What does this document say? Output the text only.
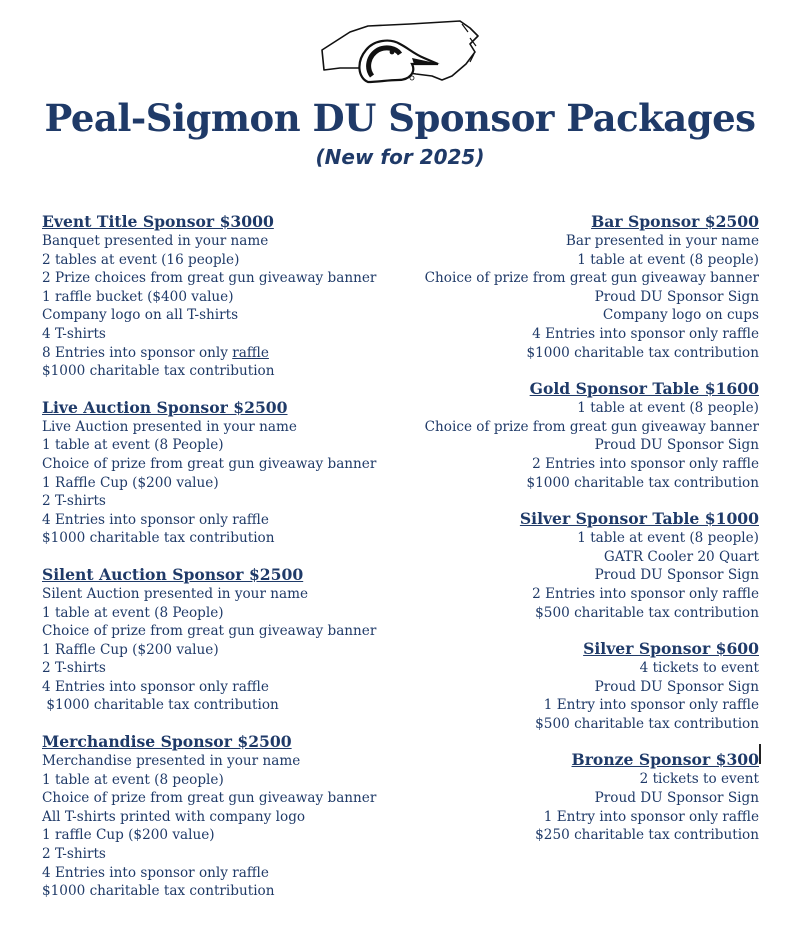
Peal-Sigmon DU Sponsor Packages
(New for 2025)
Event Title Sponsor $3000
Banquet presented in your name
2 tables at event (16 people)
2 Prize choices from great gun giveaway banner
1 raffle bucket ($400 value)
Company logo on all T-shirts
4 T-shirts
8 Entries into sponsor only raffle
$1000 charitable tax contribution
Live Auction Sponsor $2500
Live Auction presented in your name
1 table at event (8 People)
Choice of prize from great gun giveaway banner
1 Raffle Cup ($200 value)
2 T-shirts
4 Entries into sponsor only raffle
$1000 charitable tax contribution
Silent Auction Sponsor $2500
Silent Auction presented in your name
1 table at event (8 People)
Choice of prize from great gun giveaway banner
1 Raffle Cup ($200 value)
2 T-shirts
4 Entries into sponsor only raffle
$1000 charitable tax contribution
Merchandise Sponsor $2500
Merchandise presented in your name
1 table at event (8 people)
Choice of prize from great gun giveaway banner
All T-shirts printed with company logo
1 raffle Cup ($200 value)
2 T-shirts
4 Entries into sponsor only raffle
$1000 charitable tax contribution
Bar Sponsor $2500
Bar presented in your name
1 table at event (8 people)
Choice of prize from great gun giveaway banner
Proud DU Sponsor Sign
Company logo on cups
4 Entries into sponsor only raffle
$1000 charitable tax contribution
Gold Sponsor Table $1600
1 table at event (8 people)
Choice of prize from great gun giveaway banner
Proud DU Sponsor Sign
2 Entries into sponsor only raffle
$1000 charitable tax contribution
Silver Sponsor Table $1000
1 table at event (8 people)
GATR Cooler 20 Quart
Proud DU Sponsor Sign
2 Entries into sponsor only raffle
$500 charitable tax contribution
Silver Sponsor $600
4 tickets to event
Proud DU Sponsor Sign
1 Entry into sponsor only raffle
$500 charitable tax contribution
Bronze Sponsor $300
2 tickets to event
Proud DU Sponsor Sign
1 Entry into sponsor only raffle
$250 charitable tax contribution
